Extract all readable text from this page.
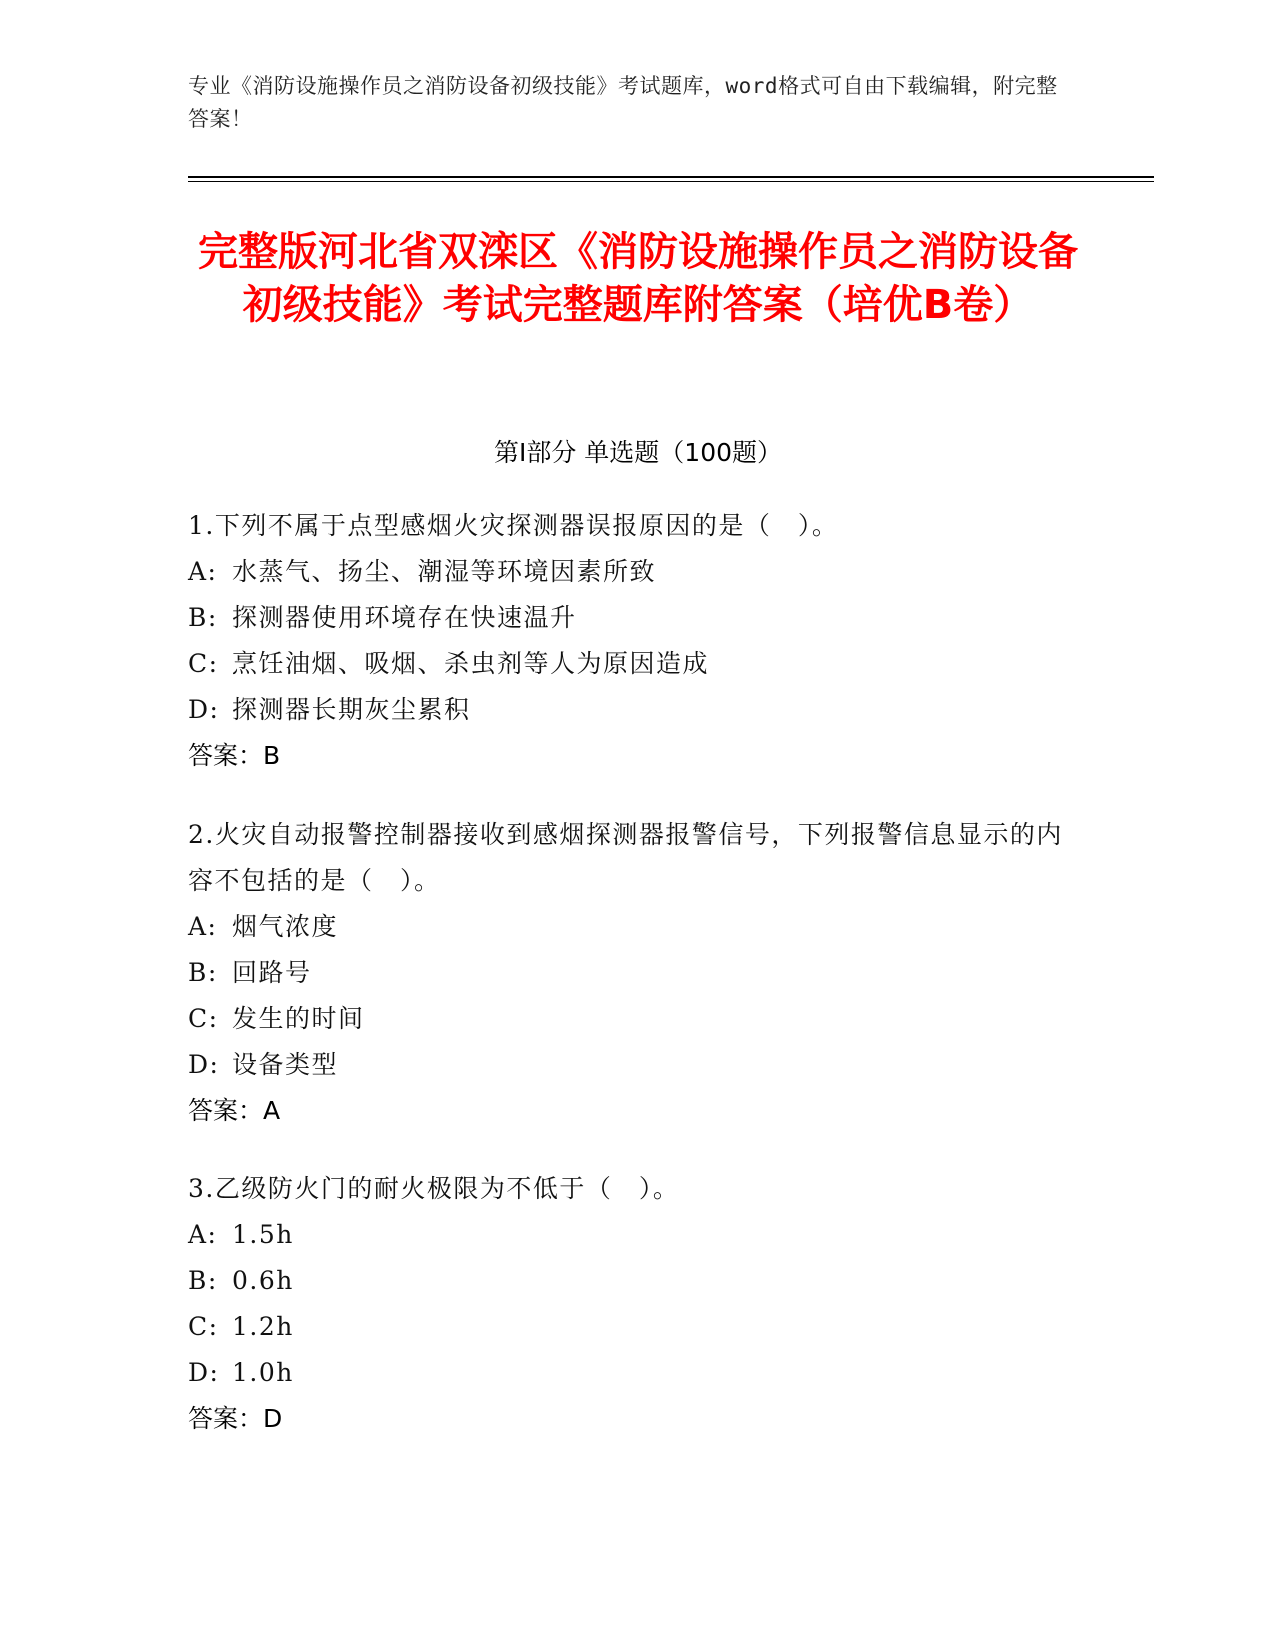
专业《消防设施操作员之消防设备初级技能》考试题库，word格式可自由下载编辑，附完整答案！
完整版河北省双滦区《消防设施操作员之消防设备初级技能》考试完整题库附答案（培优B卷）
第I部分 单选题（100题）
1.下列不属于点型感烟火灾探测器误报原因的是（　）。
A: 水蒸气、扬尘、潮湿等环境因素所致
B: 探测器使用环境存在快速温升
C: 烹饪油烟、吸烟、杀虫剂等人为原因造成
D: 探测器长期灰尘累积
答案：B
2.火灾自动报警控制器接收到感烟探测器报警信号，下列报警信息显示的内容不包括的是（　）。
A: 烟气浓度
B: 回路号
C: 发生的时间
D: 设备类型
答案：A
3.乙级防火门的耐火极限为不低于（　）。
A: 1.5h
B: 0.6h
C: 1.2h
D: 1.0h
答案：D
